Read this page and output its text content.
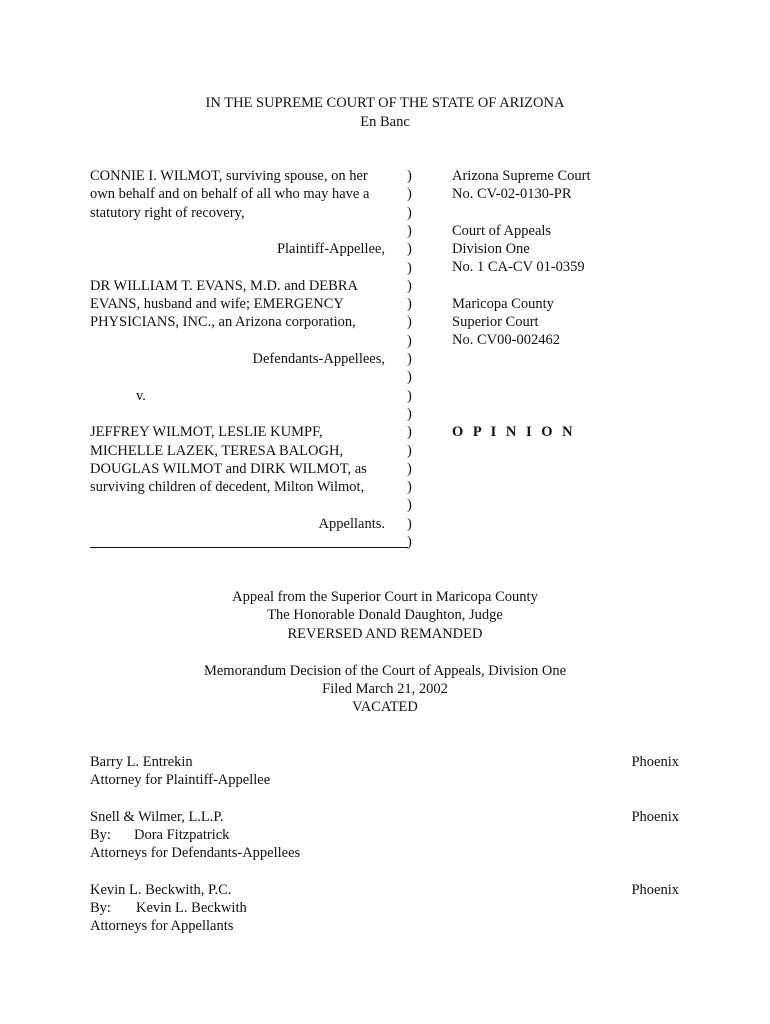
IN THE SUPREME COURT OF THE STATE OF ARIZONA
En Banc
CONNIE I. WILMOT, surviving spouse, on her
own behalf and on behalf of all who may have a
statutory right of recovery,
Plaintiff-Appellee,
DR WILLIAM T. EVANS, M.D. and DEBRA
EVANS, husband and wife; EMERGENCY
PHYSICIANS, INC., an Arizona corporation,
Defendants-Appellees,
v.
JEFFREY WILMOT, LESLIE KUMPF,
MICHELLE LAZEK, TERESA BALOGH,
DOUGLAS WILMOT and DIRK WILMOT, as
surviving children of decedent, Milton Wilmot,
Appellants.
)
)
)
)
)
)
)
)
)
)
)
)
)
)
)
)
)
)
)
)
)
Arizona Supreme Court
No. CV-02-0130-PR
Court of Appeals
Division One
No. 1 CA-CV 01-0359
Maricopa County
Superior Court
No. CV00-002462
O P I N I O N
Appeal from the Superior Court in Maricopa County
The Honorable Donald Daughton, Judge
REVERSED AND REMANDED
Memorandum Decision of the Court of Appeals, Division One
Filed March 21, 2002
VACATED
Barry L. Entrekin
Attorney for Plaintiff-Appellee
Phoenix
Snell & Wilmer, L.L.P.
By: Dora Fitzpatrick
Attorneys for Defendants-Appellees
Phoenix
Kevin L. Beckwith, P.C.
By: Kevin L. Beckwith
Attorneys for Appellants
Phoenix
